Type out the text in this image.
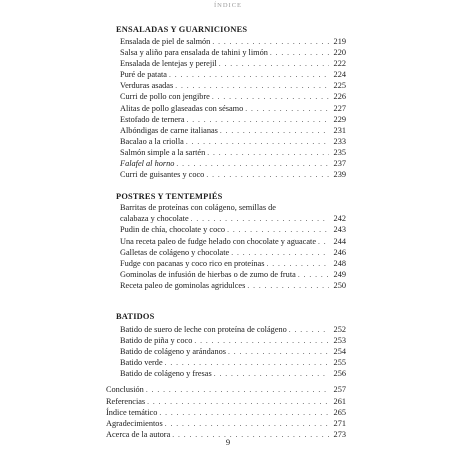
ÍNDICE
ENSALADAS Y GUARNICIONES
Ensalada de piel de salmón . . .	219
Salsa y aliño para ensalada de tahini y limón . . .	220
Ensalada de lentejas y perejil . . .	222
Puré de patata . . .	224
Verduras asadas . . .	225
Curri de pollo con jengibre . . .	226
Alitas de pollo glaseadas con sésamo . . .	227
Estofado de ternera . . .	229
Albóndigas de carne italianas . . .	231
Bacalao a la criolla . . .	233
Salmón simple a la sartén . . .	235
Falafel al horno . . .	237
Curri de guisantes y coco . . .	239
POSTRES Y TENTEMPIÉS
Barritas de proteínas con colágeno, semillas de
calabaza y chocolate . . .	242
Pudin de chía, chocolate y coco . . .	243
Una receta paleo de fudge helado con chocolate y aguacate . . . 244
Galletas de colágeno y chocolate . . .	246
Fudge con pacanas y coco rico en proteínas . . .	248
Gominolas de infusión de hierbas o de zumo de fruta . . .	249
Receta paleo de gominolas agridulces . . .	250
BATIDOS
Batido de suero de leche con proteína de colágeno . . .	252
Batido de piña y coco . . .	253
Batido de colágeno y arándanos . . .	254
Batido verde . . .	255
Batido de colágeno y fresas . . .	256
Conclusión . . .	257
Referencias . . .	261
Índice temático . . .	265
Agradecimientos . . .	271
Acerca de la autora . . .	273
9
